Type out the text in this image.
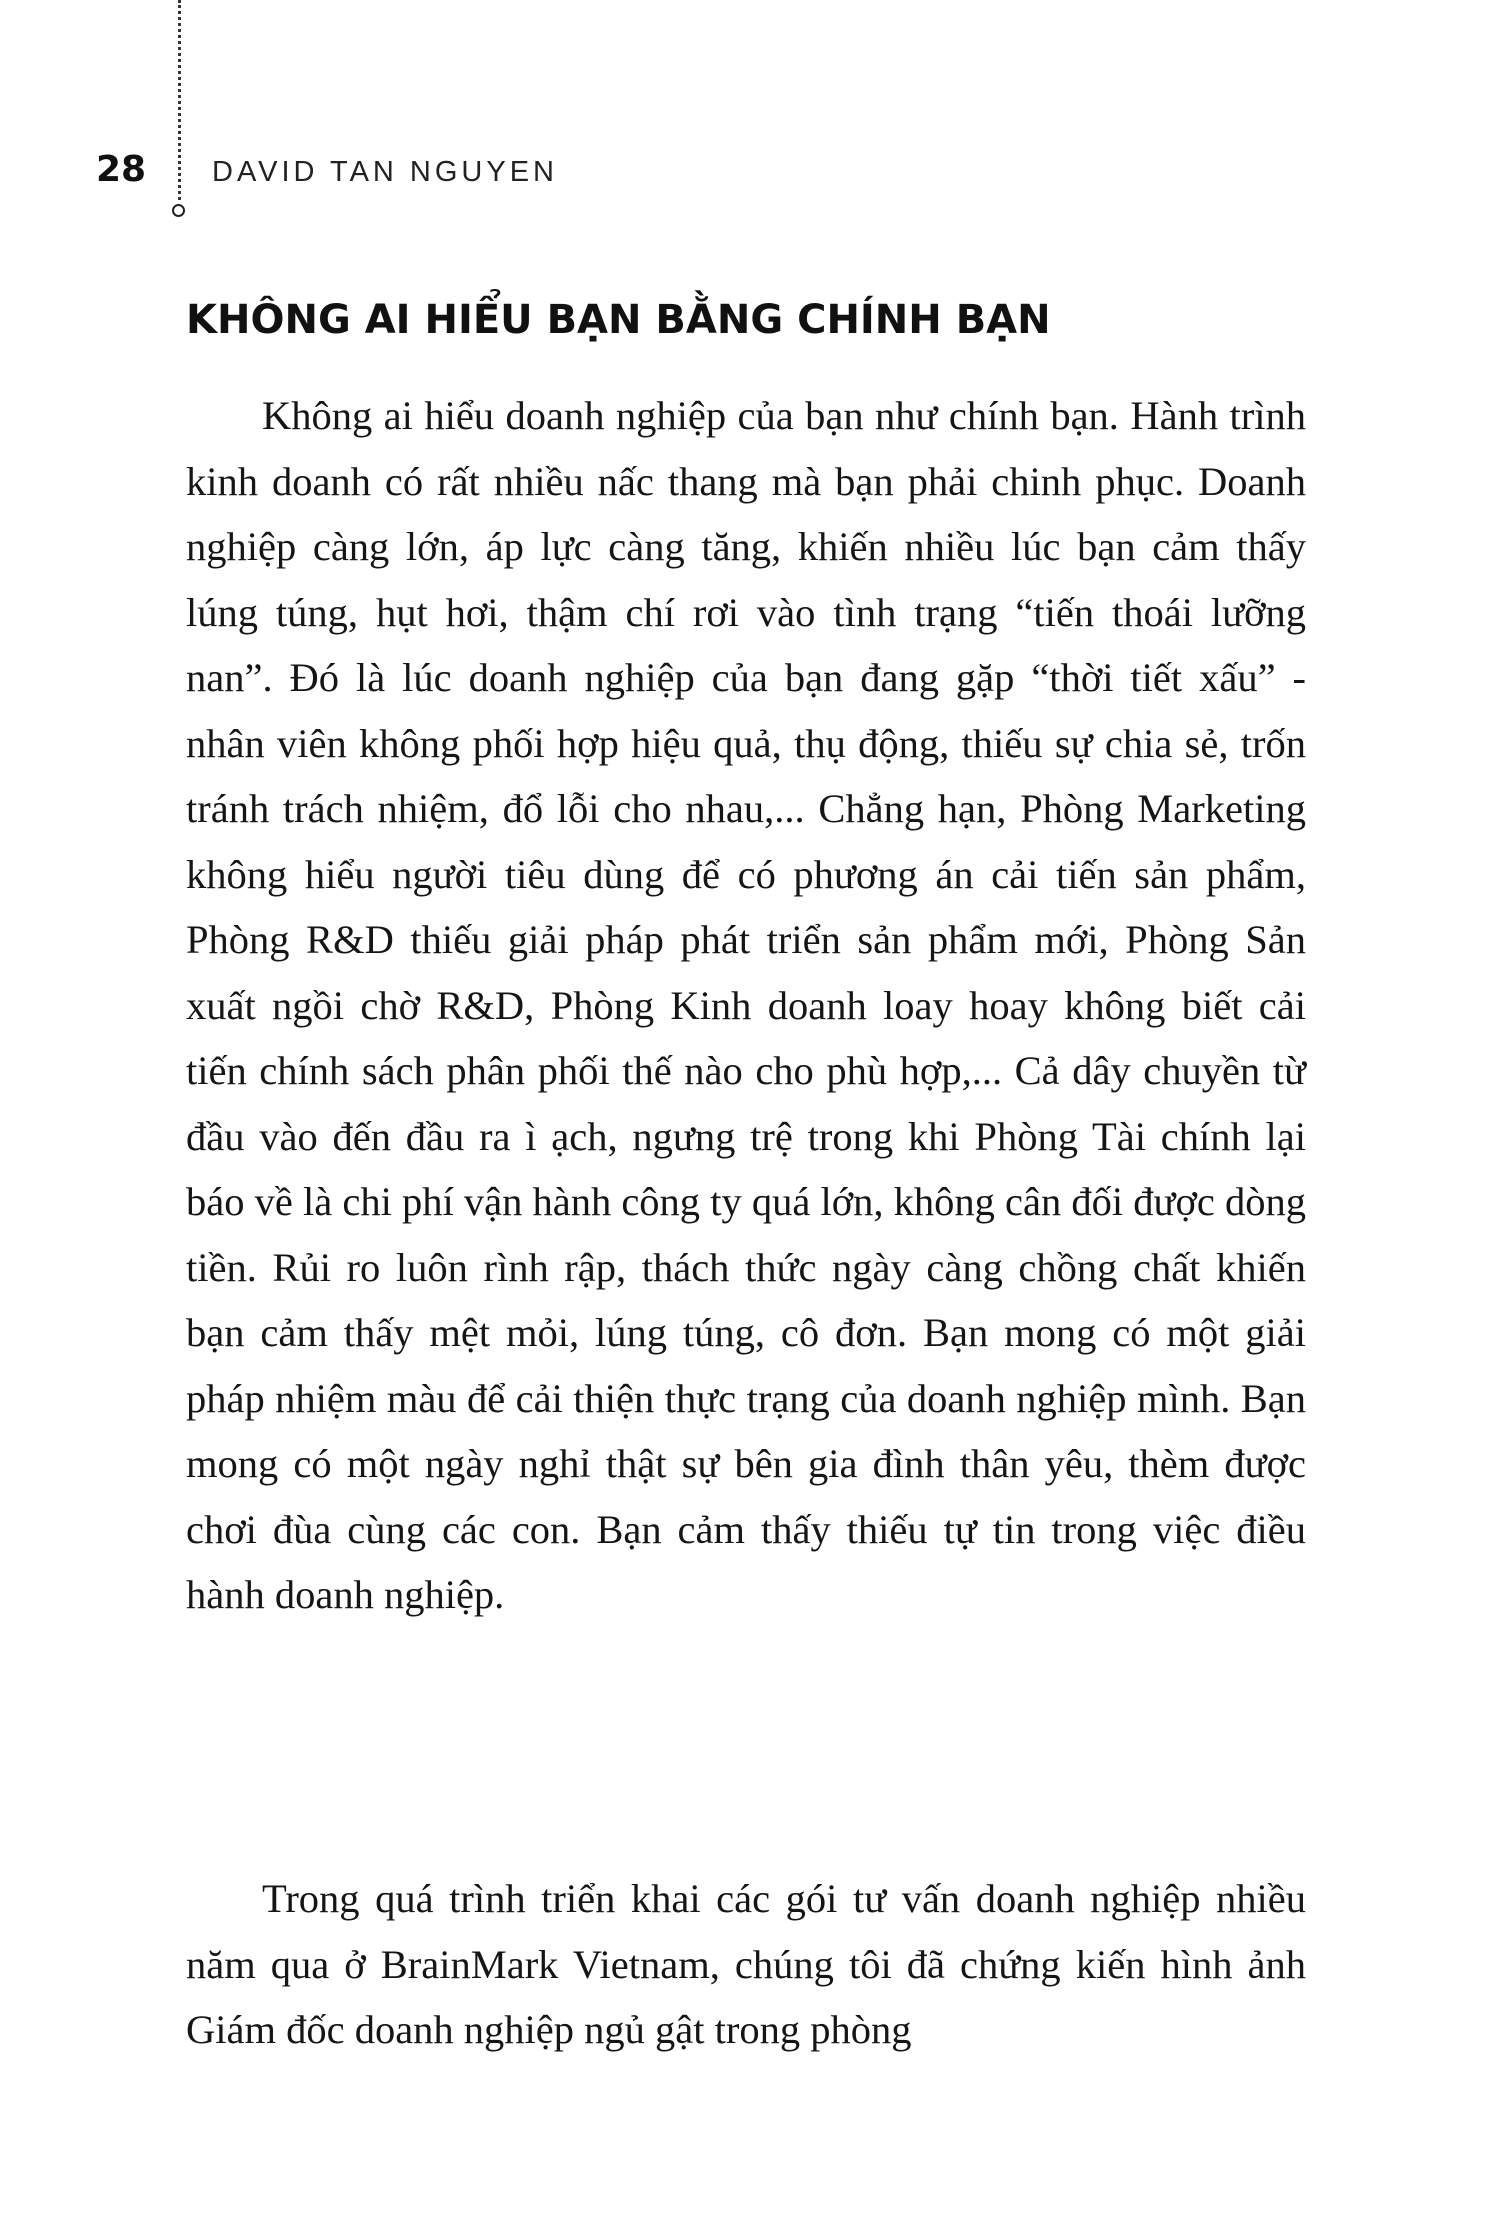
28 DAVID TAN NGUYEN
KHÔNG AI HIỂU BẠN BẰNG CHÍNH BẠN

Không ai hiểu doanh nghiệp của bạn như chính bạn. Hành trình kinh doanh có rất nhiều nấc thang mà bạn phải chinh phục. Doanh nghiệp càng lớn, áp lực càng tăng, khiến nhiều lúc bạn cảm thấy lúng túng, hụt hơi, thậm chí rơi vào tình trạng “tiến thoái lưỡng nan”. Đó là lúc doanh nghiệp của bạn đang gặp “thời tiết xấu” - nhân viên không phối hợp hiệu quả, thụ động, thiếu sự chia sẻ, trốn tránh trách nhiệm, đổ lỗi cho nhau,... Chẳng hạn, Phòng Marketing không hiểu người tiêu dùng để có phương án cải tiến sản phẩm, Phòng R&D thiếu giải pháp phát triển sản phẩm mới, Phòng Sản xuất ngồi chờ R&D, Phòng Kinh doanh loay hoay không biết cải tiến chính sách phân phối thế nào cho phù hợp,... Cả dây chuyền từ đầu vào đến đầu ra ì ạch, ngưng trệ trong khi Phòng Tài chính lại báo về là chi phí vận hành công ty quá lớn, không cân đối được dòng tiền. Rủi ro luôn rình rập, thách thức ngày càng chồng chất khiến bạn cảm thấy mệt mỏi, lúng túng, cô đơn. Bạn mong có một giải pháp nhiệm màu để cải thiện thực trạng của doanh nghiệp mình. Bạn mong có một ngày nghỉ thật sự bên gia đình thân yêu, thèm được chơi đùa cùng các con. Bạn cảm thấy thiếu tự tin trong việc điều hành doanh nghiệp.

Trong quá trình triển khai các gói tư vấn doanh nghiệp nhiều năm qua ở BrainMark Vietnam, chúng tôi đã chứng kiến hình ảnh Giám đốc doanh nghiệp ngủ gật trong phòng
